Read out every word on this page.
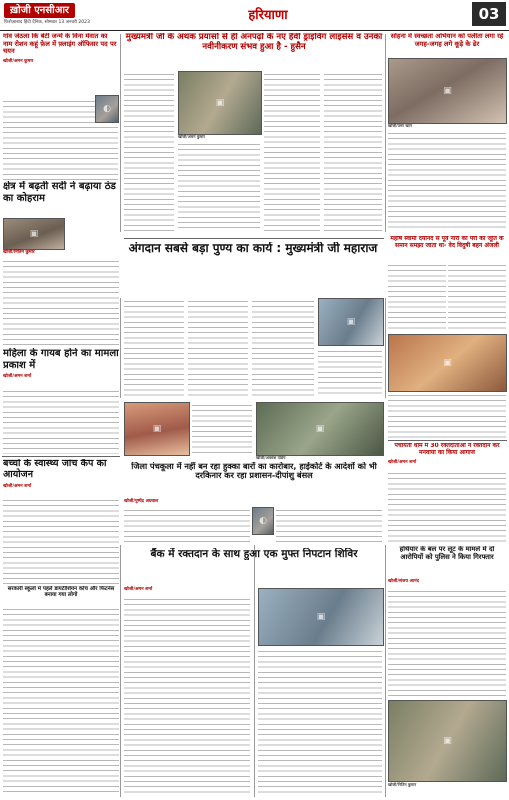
ख़ोजी एनसीआर
फ़िरोज़ाबाद हिंदी दैनिक, सोमवार 13 जनवरी 2023	हरियाणा	03
गांव जेठला कि बेटी जन्में के विना मेवात का नाम रोशन कहूं फ़ेल में फ़्लाइंग ऑफिसर पद पर चयन
खोजी/अमन कुमार
◐
क्षेत्र में बढ़ती सर्दी ने बढ़ाया ठंड का कोहराम
▣
खोजी/नितिन कुमार
मुख्यमंत्री जी के अथक प्रयासों से ही अनपढ़ों के नए हैवी ड्राइविंग लाइसेंस व उनका नवीनीकरण संभव हुआ है - हुसैन
▣
खोजी/अमन कुमार
सोहना में स्वच्छता अभियान को पलीता लगा रहे जगह-जगह लगे कूड़े के ढेर
▣
खोजी/उमर खान
महर्षि स्वामी दयानंद से पूर्व नारी को पैरों की जूति के समान समझा जाता था- वेद विदुषी बहन अंजली
▣
अंगदान सबसे बड़ा पुण्य का कार्य : मुख्यमंत्री जी महाराज
▣
महिला के गायब होने का मामला प्रकाश में
खोजी/अमन शर्मा
बच्चों के स्वास्थ्य जांच कैंप का आयोजन
खोजी/अमन शर्मा
सरकारी स्कूलों में पहले डायटीशियन कोच और फिटनेस बनाया गया लोगो
▣	▣
खोजी/अवधेश पांडेय
पंचायती धाम में 30 रक्तदाताओं ने रक्तदान कर मनवाया का किया आगाज
खोजी/अमन शर्मा
जिला पंचकूला में नहीं बन रहा हुक्का बारों का कारोबार, हाईकोर्ट के आदेशों को भी दरकिनार कर रहा प्रशासन-दीपांशु बंसल
खोजी/पुष्पेंद्र अग्रवाल
◐
बैंक में रक्तदान के साथ हुआ एक मुफ्त निपटान शिविर
खोजी/अमन शर्मा
▣
हथियार के बल पर लूट के मामले में दो आरोपियों को पुलिस ने किया गिरफ्तार
खोजी/संजय आनंद
▣
खोजी/नितिन कुमार
